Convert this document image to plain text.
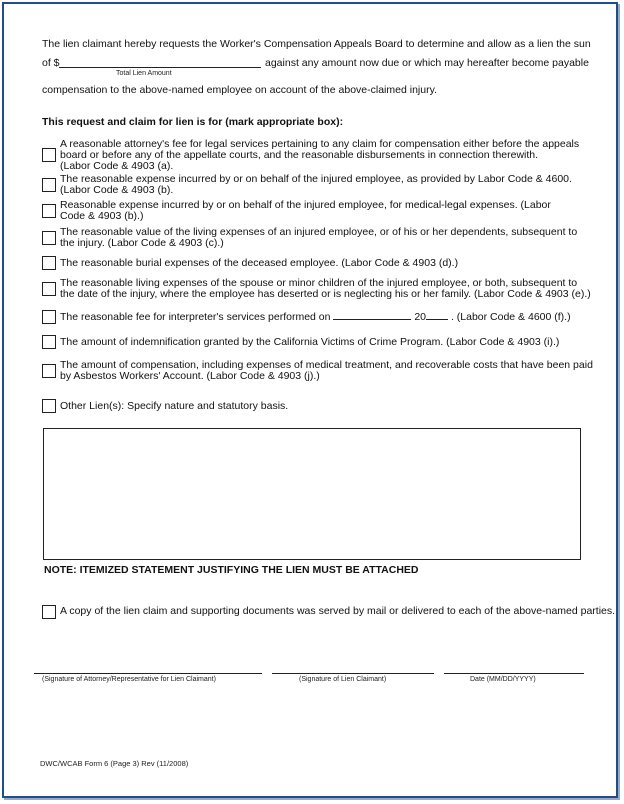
The lien claimant hereby requests the Worker's Compensation Appeals Board to determine and allow as a lien the sun
of $
Total Lien Amount
against any amount now due or which may hereafter become payable
compensation to the above-named employee on account of the above-claimed injury.
This request and claim for lien is for (mark appropriate box):
A reasonable attorney's fee for legal services pertaining to any claim for compensation either before the appeals
board or before any of the appellate courts, and the reasonable disbursements in connection therewith.
(Labor Code & 4903 (a).
The reasonable expense incurred by or on behalf of the injured employee, as provided by Labor Code & 4600.
(Labor Code & 4903 (b).
Reasonable expense incurred by or on behalf of the injured employee, for medical-legal expenses. (Labor
Code & 4903 (b).)
The reasonable value of the living expenses of an injured employee, or of his or her dependents, subsequent to
the injury. (Labor Code & 4903 (c).)
The reasonable burial expenses of the deceased employee. (Labor Code & 4903 (d).)
The reasonable living expenses of the spouse or minor children of the injured employee, or both, subsequent to
the date of the injury, where the employee has deserted or is neglecting his or her family. (Labor Code & 4903 (e).)
The reasonable fee for interpreter's services performed on	20 . (Labor Code & 4600 (f).)
The amount of indemnification granted by the California Victims of Crime Program. (Labor Code & 4903 (i).)
The amount of compensation, including expenses of medical treatment, and recoverable costs that have been paid
by Asbestos Workers' Account. (Labor Code & 4903 (j).)
Other Lien(s): Specify nature and statutory basis.
NOTE: ITEMIZED STATEMENT JUSTIFYING THE LIEN MUST BE ATTACHED
A copy of the lien claim and supporting documents was served by mail or delivered to each of the above-named parties.
(Signature of Attorney/Representative for Lien Claimant)	(Signature of Lien Claimant)	Date (MM/DD/YYYY)
DWC/WCAB Form 6 (Page 3) Rev (11/2008)
